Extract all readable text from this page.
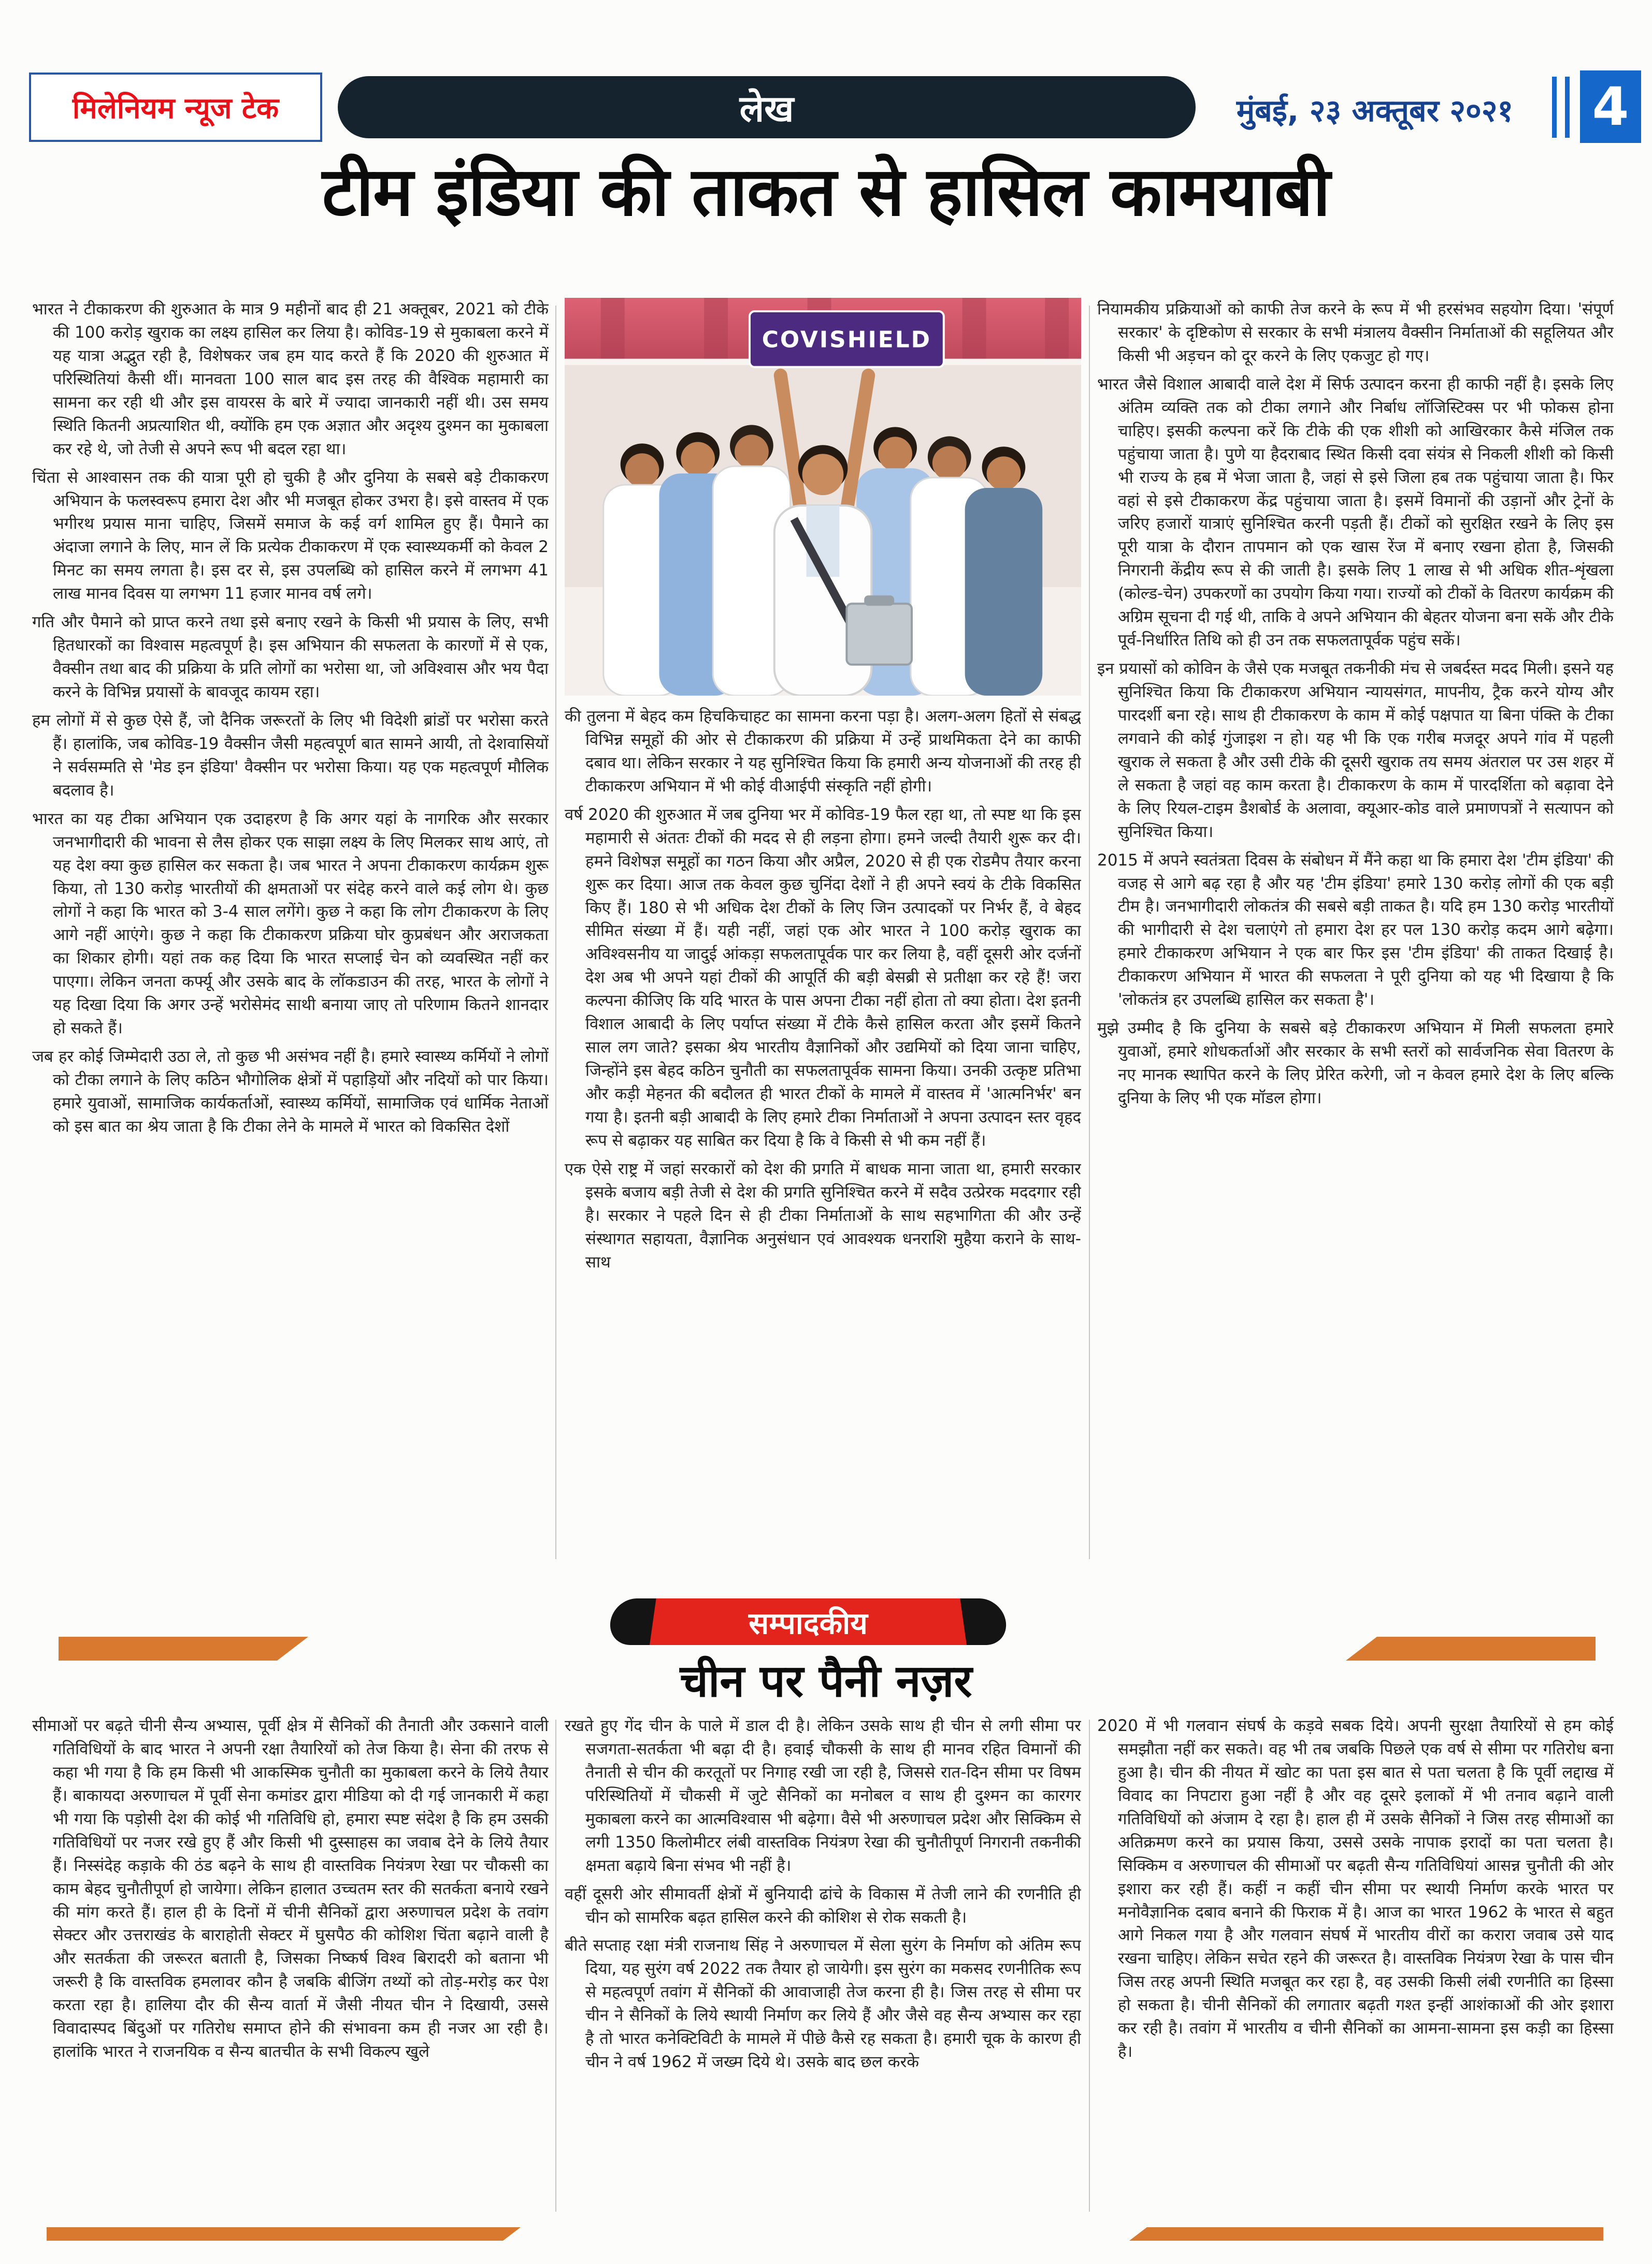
मिलेनियम न्यूज टेक	लेख	मुंबई, २३ अक्तूबर २०२१	4
टीम इंडिया की ताकत से हासिल कामयाबी

भारत ने टीकाकरण की शुरुआत के मात्र 9 महीनों बाद ही 21 अक्तूबर, 2021 को टीके की 100 करोड़ खुराक का लक्ष्य हासिल कर लिया है। कोविड-19 से मुकाबला करने में यह यात्रा अद्भुत रही है, विशेषकर जब हम याद करते हैं कि 2020 की शुरुआत में परिस्थितियां कैसी थीं। मानवता 100 साल बाद इस तरह की वैश्विक महामारी का सामना कर रही थी और इस वायरस के बारे में ज्यादा जानकारी नहीं थी। उस समय स्थिति कितनी अप्रत्याशित थी, क्योंकि हम एक अज्ञात और अदृश्य दुश्मन का मुकाबला कर रहे थे, जो तेजी से अपने रूप भी बदल रहा था।

चिंता से आश्वासन तक की यात्रा पूरी हो चुकी है और दुनिया के सबसे बड़े टीकाकरण अभियान के फलस्वरूप हमारा देश और भी मजबूत होकर उभरा है। इसे वास्तव में एक भगीरथ प्रयास माना चाहिए, जिसमें समाज के कई वर्ग शामिल हुए हैं। पैमाने का अंदाजा लगाने के लिए, मान लें कि प्रत्येक टीकाकरण में एक स्वास्थ्यकर्मी को केवल 2 मिनट का समय लगता है। इस दर से, इस उपलब्धि को हासिल करने में लगभग 41 लाख मानव दिवस या लगभग 11 हजार मानव वर्ष लगे।

गति और पैमाने को प्राप्त करने तथा इसे बनाए रखने के किसी भी प्रयास के लिए, सभी हितधारकों का विश्वास महत्वपूर्ण है। इस अभियान की सफलता के कारणों में से एक, वैक्सीन तथा बाद की प्रक्रिया के प्रति लोगों का भरोसा था, जो अविश्वास और भय पैदा करने के विभिन्न प्रयासों के बावजूद कायम रहा।

हम लोगों में से कुछ ऐसे हैं, जो दैनिक जरूरतों के लिए भी विदेशी ब्रांडों पर भरोसा करते हैं। हालांकि, जब कोविड-19 वैक्सीन जैसी महत्वपूर्ण बात सामने आयी, तो देशवासियों ने सर्वसम्मति से 'मेड इन इंडिया' वैक्सीन पर भरोसा किया। यह एक महत्वपूर्ण मौलिक बदलाव है।

भारत का यह टीका अभियान एक उदाहरण है कि अगर यहां के नागरिक और सरकार जनभागीदारी की भावना से लैस होकर एक साझा लक्ष्य के लिए मिलकर साथ आएं, तो यह देश क्या कुछ हासिल कर सकता है। जब भारत ने अपना टीकाकरण कार्यक्रम शुरू किया, तो 130 करोड़ भारतीयों की क्षमताओं पर संदेह करने वाले कई लोग थे। कुछ लोगों ने कहा कि भारत को 3-4 साल लगेंगे। कुछ ने कहा कि लोग टीकाकरण के लिए आगे नहीं आएंगे। कुछ ने कहा कि टीकाकरण प्रक्रिया घोर कुप्रबंधन और अराजकता का शिकार होगी। यहां तक कह दिया कि भारत सप्लाई चेन को व्यवस्थित नहीं कर पाएगा। लेकिन जनता कर्फ्यू और उसके बाद के लॉकडाउन की तरह, भारत के लोगों ने यह दिखा दिया कि अगर उन्हें भरोसेमंद साथी बनाया जाए तो परिणाम कितने शानदार हो सकते हैं।

जब हर कोई जिम्मेदारी उठा ले, तो कुछ भी असंभव नहीं है। हमारे स्वास्थ्य कर्मियों ने लोगों को टीका लगाने के लिए कठिन भौगोलिक क्षेत्रों में पहाड़ियों और नदियों को पार किया। हमारे युवाओं, सामाजिक कार्यकर्ताओं, स्वास्थ्य कर्मियों, सामाजिक एवं धार्मिक नेताओं को इस बात का श्रेय जाता है कि टीका लेने के मामले में भारत को विकसित देशों

COVISHIELD

की तुलना में बेहद कम हिचकिचाहट का सामना करना पड़ा है। अलग-अलग हितों से संबद्ध विभिन्न समूहों की ओर से टीकाकरण की प्रक्रिया में उन्हें प्राथमिकता देने का काफी दबाव था। लेकिन सरकार ने यह सुनिश्चित किया कि हमारी अन्य योजनाओं की तरह ही टीकाकरण अभियान में भी कोई वीआईपी संस्कृति नहीं होगी।

वर्ष 2020 की शुरुआत में जब दुनिया भर में कोविड-19 फैल रहा था, तो स्पष्ट था कि इस महामारी से अंततः टीकों की मदद से ही लड़ना होगा। हमने जल्दी तैयारी शुरू कर दी। हमने विशेषज्ञ समूहों का गठन किया और अप्रैल, 2020 से ही एक रोडमैप तैयार करना शुरू कर दिया। आज तक केवल कुछ चुनिंदा देशों ने ही अपने स्वयं के टीके विकसित किए हैं। 180 से भी अधिक देश टीकों के लिए जिन उत्पादकों पर निर्भर हैं, वे बेहद सीमित संख्या में हैं। यही नहीं, जहां एक ओर भारत ने 100 करोड़ खुराक का अविश्वसनीय या जादुई आंकड़ा सफलतापूर्वक पार कर लिया है, वहीं दूसरी ओर दर्जनों देश अब भी अपने यहां टीकों की आपूर्ति की बड़ी बेसब्री से प्रतीक्षा कर रहे हैं! जरा कल्पना कीजिए कि यदि भारत के पास अपना टीका नहीं होता तो क्या होता। देश इतनी विशाल आबादी के लिए पर्याप्त संख्या में टीके कैसे हासिल करता और इसमें कितने साल लग जाते? इसका श्रेय भारतीय वैज्ञानिकों और उद्यमियों को दिया जाना चाहिए, जिन्होंने इस बेहद कठिन चुनौती का सफलतापूर्वक सामना किया। उनकी उत्कृष्ट प्रतिभा और कड़ी मेहनत की बदौलत ही भारत टीकों के मामले में वास्तव में 'आत्मनिर्भर' बन गया है। इतनी बड़ी आबादी के लिए हमारे टीका निर्माताओं ने अपना उत्पादन स्तर वृहद रूप से बढ़ाकर यह साबित कर दिया है कि वे किसी से भी कम नहीं हैं।

एक ऐसे राष्ट्र में जहां सरकारों को देश की प्रगति में बाधक माना जाता था, हमारी सरकार इसके बजाय बड़ी तेजी से देश की प्रगति सुनिश्चित करने में सदैव उत्प्रेरक मददगार रही है। सरकार ने पहले दिन से ही टीका निर्माताओं के साथ सहभागिता की और उन्हें संस्थागत सहायता, वैज्ञानिक अनुसंधान एवं आवश्यक धनराशि मुहैया कराने के साथ-साथ

नियामकीय प्रक्रियाओं को काफी तेज करने के रूप में भी हरसंभव सहयोग दिया। 'संपूर्ण सरकार' के दृष्टिकोण से सरकार के सभी मंत्रालय वैक्सीन निर्माताओं की सहूलियत और किसी भी अड़चन को दूर करने के लिए एकजुट हो गए।

भारत जैसे विशाल आबादी वाले देश में सिर्फ उत्पादन करना ही काफी नहीं है। इसके लिए अंतिम व्यक्ति तक को टीका लगाने और निर्बाध लॉजिस्टिक्स पर भी फोकस होना चाहिए। इसकी कल्पना करें कि टीके की एक शीशी को आखिरकार कैसे मंजिल तक पहुंचाया जाता है। पुणे या हैदराबाद स्थित किसी दवा संयंत्र से निकली शीशी को किसी भी राज्य के हब में भेजा जाता है, जहां से इसे जिला हब तक पहुंचाया जाता है। फिर वहां से इसे टीकाकरण केंद्र पहुंचाया जाता है। इसमें विमानों की उड़ानों और ट्रेनों के जरिए हजारों यात्राएं सुनिश्चित करनी पड़ती हैं। टीकों को सुरक्षित रखने के लिए इस पूरी यात्रा के दौरान तापमान को एक खास रेंज में बनाए रखना होता है, जिसकी निगरानी केंद्रीय रूप से की जाती है। इसके लिए 1 लाख से भी अधिक शीत-शृंखला (कोल्ड-चेन) उपकरणों का उपयोग किया गया। राज्यों को टीकों के वितरण कार्यक्रम की अग्रिम सूचना दी गई थी, ताकि वे अपने अभियान की बेहतर योजना बना सकें और टीके पूर्व-निर्धारित तिथि को ही उन तक सफलतापूर्वक पहुंच सकें।

इन प्रयासों को कोविन के जैसे एक मजबूत तकनीकी मंच से जबर्दस्त मदद मिली। इसने यह सुनिश्चित किया कि टीकाकरण अभियान न्यायसंगत, मापनीय, ट्रैक करने योग्य और पारदर्शी बना रहे। साथ ही टीकाकरण के काम में कोई पक्षपात या बिना पंक्ति के टीका लगवाने की कोई गुंजाइश न हो। यह भी कि एक गरीब मजदूर अपने गांव में पहली खुराक ले सकता है और उसी टीके की दूसरी खुराक तय समय अंतराल पर उस शहर में ले सकता है जहां वह काम करता है। टीकाकरण के काम में पारदर्शिता को बढ़ावा देने के लिए रियल-टाइम डैशबोर्ड के अलावा, क्यूआर-कोड वाले प्रमाणपत्रों ने सत्यापन को सुनिश्चित किया।

2015 में अपने स्वतंत्रता दिवस के संबोधन में मैंने कहा था कि हमारा देश 'टीम इंडिया' की वजह से आगे बढ़ रहा है और यह 'टीम इंडिया' हमारे 130 करोड़ लोगों की एक बड़ी टीम है। जनभागीदारी लोकतंत्र की सबसे बड़ी ताकत है। यदि हम 130 करोड़ भारतीयों की भागीदारी से देश चलाएंगे तो हमारा देश हर पल 130 करोड़ कदम आगे बढ़ेगा। हमारे टीकाकरण अभियान ने एक बार फिर इस 'टीम इंडिया' की ताकत दिखाई है। टीकाकरण अभियान में भारत की सफलता ने पूरी दुनिया को यह भी दिखाया है कि 'लोकतंत्र हर उपलब्धि हासिल कर सकता है'।

मुझे उम्मीद है कि दुनिया के सबसे बड़े टीकाकरण अभियान में मिली सफलता हमारे युवाओं, हमारे शोधकर्ताओं और सरकार के सभी स्तरों को सार्वजनिक सेवा वितरण के नए मानक स्थापित करने के लिए प्रेरित करेगी, जो न केवल हमारे देश के लिए बल्कि दुनिया के लिए भी एक मॉडल होगा।

सम्पादकीय
चीन पर पैनी नज़र

सीमाओं पर बढ़ते चीनी सैन्य अभ्यास, पूर्वी क्षेत्र में सैनिकों की तैनाती और उकसाने वाली गतिविधियों के बाद भारत ने अपनी रक्षा तैयारियों को तेज किया है। सेना की तरफ से कहा भी गया है कि हम किसी भी आकस्मिक चुनौती का मुकाबला करने के लिये तैयार हैं। बाकायदा अरुणाचल में पूर्वी सेना कमांडर द्वारा मीडिया को दी गई जानकारी में कहा भी गया कि पड़ोसी देश की कोई भी गतिविधि हो, हमारा स्पष्ट संदेश है कि हम उसकी गतिविधियों पर नजर रखे हुए हैं और किसी भी दुस्साहस का जवाब देने के लिये तैयार हैं। निस्संदेह कड़ाके की ठंड बढ़ने के साथ ही वास्तविक नियंत्रण रेखा पर चौकसी का काम बेहद चुनौतीपूर्ण हो जायेगा। लेकिन हालात उच्चतम स्तर की सतर्कता बनाये रखने की मांग करते हैं। हाल ही के दिनों में चीनी सैनिकों द्वारा अरुणाचल प्रदेश के तवांग सेक्टर और उत्तराखंड के बाराहोती सेक्टर में घुसपैठ की कोशिश चिंता बढ़ाने वाली है और सतर्कता की जरूरत बताती है, जिसका निष्कर्ष विश्व बिरादरी को बताना भी जरूरी है कि वास्तविक हमलावर कौन है जबकि बीजिंग तथ्यों को तोड़-मरोड़ कर पेश करता रहा है। हालिया दौर की सैन्य वार्ता में जैसी नीयत चीन ने दिखायी, उससे विवादास्पद बिंदुओं पर गतिरोध समाप्त होने की संभावना कम ही नजर आ रही है। हालांकि भारत ने राजनयिक व सैन्य बातचीत के सभी विकल्प खुले

रखते हुए गेंद चीन के पाले में डाल दी है। लेकिन उसके साथ ही चीन से लगी सीमा पर सजगता-सतर्कता भी बढ़ा दी है। हवाई चौकसी के साथ ही मानव रहित विमानों की तैनाती से चीन की करतूतों पर निगाह रखी जा रही है, जिससे रात-दिन सीमा पर विषम परिस्थितियों में चौकसी में जुटे सैनिकों का मनोबल व साथ ही दुश्मन का कारगर मुकाबला करने का आत्मविश्वास भी बढ़ेगा। वैसे भी अरुणाचल प्रदेश और सिक्किम से लगी 1350 किलोमीटर लंबी वास्तविक नियंत्रण रेखा की चुनौतीपूर्ण निगरानी तकनीकी क्षमता बढ़ाये बिना संभव भी नहीं है।

वहीं दूसरी ओर सीमावर्ती क्षेत्रों में बुनियादी ढांचे के विकास में तेजी लाने की रणनीति ही चीन को सामरिक बढ़त हासिल करने की कोशिश से रोक सकती है।

बीते सप्ताह रक्षा मंत्री राजनाथ सिंह ने अरुणाचल में सेला सुरंग के निर्माण को अंतिम रूप दिया, यह सुरंग वर्ष 2022 तक तैयार हो जायेगी। इस सुरंग का मकसद रणनीतिक रूप से महत्वपूर्ण तवांग में सैनिकों की आवाजाही तेज करना ही है। जिस तरह से सीमा पर चीन ने सैनिकों के लिये स्थायी निर्माण कर लिये हैं और जैसे वह सैन्य अभ्यास कर रहा है तो भारत कनेक्टिविटी के मामले में पीछे कैसे रह सकता है। हमारी चूक के कारण ही चीन ने वर्ष 1962 में जख्म दिये थे। उसके बाद छल करके

2020 में भी गलवान संघर्ष के कड़वे सबक दिये। अपनी सुरक्षा तैयारियों से हम कोई समझौता नहीं कर सकते। वह भी तब जबकि पिछले एक वर्ष से सीमा पर गतिरोध बना हुआ है। चीन की नीयत में खोट का पता इस बात से पता चलता है कि पूर्वी लद्दाख में विवाद का निपटारा हुआ नहीं है और वह दूसरे इलाकों में भी तनाव बढ़ाने वाली गतिविधियों को अंजाम दे रहा है। हाल ही में उसके सैनिकों ने जिस तरह सीमाओं का अतिक्रमण करने का प्रयास किया, उससे उसके नापाक इरादों का पता चलता है। सिक्किम व अरुणाचल की सीमाओं पर बढ़ती सैन्य गतिविधियां आसन्न चुनौती की ओर इशारा कर रही हैं। कहीं न कहीं चीन सीमा पर स्थायी निर्माण करके भारत पर मनोवैज्ञानिक दबाव बनाने की फिराक में है। आज का भारत 1962 के भारत से बहुत आगे निकल गया है और गलवान संघर्ष में भारतीय वीरों का करारा जवाब उसे याद रखना चाहिए। लेकिन सचेत रहने की जरूरत है। वास्तविक नियंत्रण रेखा के पास चीन जिस तरह अपनी स्थिति मजबूत कर रहा है, वह उसकी किसी लंबी रणनीति का हिस्सा हो सकता है। चीनी सैनिकों की लगातार बढ़ती गश्त इन्हीं आशंकाओं की ओर इशारा कर रही है। तवांग में भारतीय व चीनी सैनिकों का आमना-सामना इस कड़ी का हिस्सा है।
